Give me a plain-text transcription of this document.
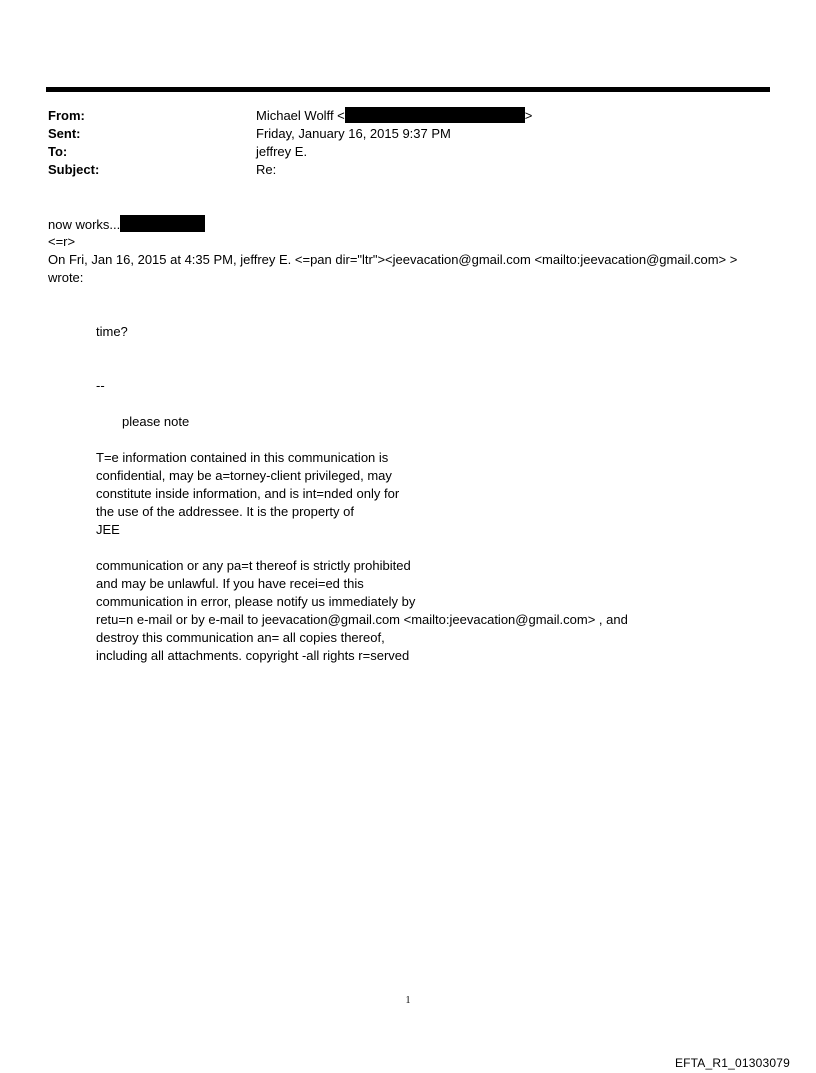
From:	Michael Wolff <	>
Sent:	Friday, January 16, 2015 9:37 PM
To:	jeffrey E.
Subject:	Re:
now works...
<=r>
On Fri, Jan 16, 2015 at 4:35 PM, jeffrey E. <=pan dir="ltr"><jeevacation@gmail.com <mailto:jeevacation@gmail.com> >
wrote:
time?
--
please note
T=e information contained in this communication is
confidential, may be a=torney-client privileged, may
constitute inside information, and is int=nded only for
the use of the addressee. It is the property of
JEE
communication or any pa=t thereof is strictly prohibited
and may be unlawful. If you have recei=ed this
communication in error, please notify us immediately by
retu=n e-mail or by e-mail to jeevacation@gmail.com <mailto:jeevacation@gmail.com> , and
destroy this communication an= all copies thereof,
including all attachments. copyright -all rights r=served
1
EFTA_R1_01303079
